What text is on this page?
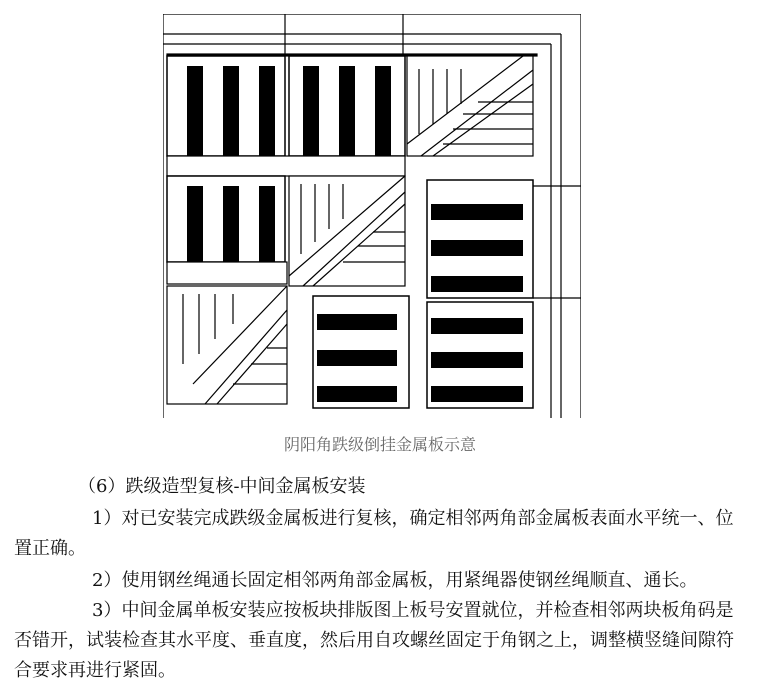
阴阳角跌级倒挂金属板示意
（6）跌级造型复核-中间金属板安装
1）对已安装完成跌级金属板进行复核，确定相邻两角部金属板表面水平统一、位置正确。
2）使用钢丝绳通长固定相邻两角部金属板，用紧绳器使钢丝绳顺直、通长。
3）中间金属单板安装应按板块排版图上板号安置就位，并检查相邻两块板角码是否错开，试装检查其水平度、垂直度，然后用自攻螺丝固定于角钢之上，调整横竖缝间隙符合要求再进行紧固。
